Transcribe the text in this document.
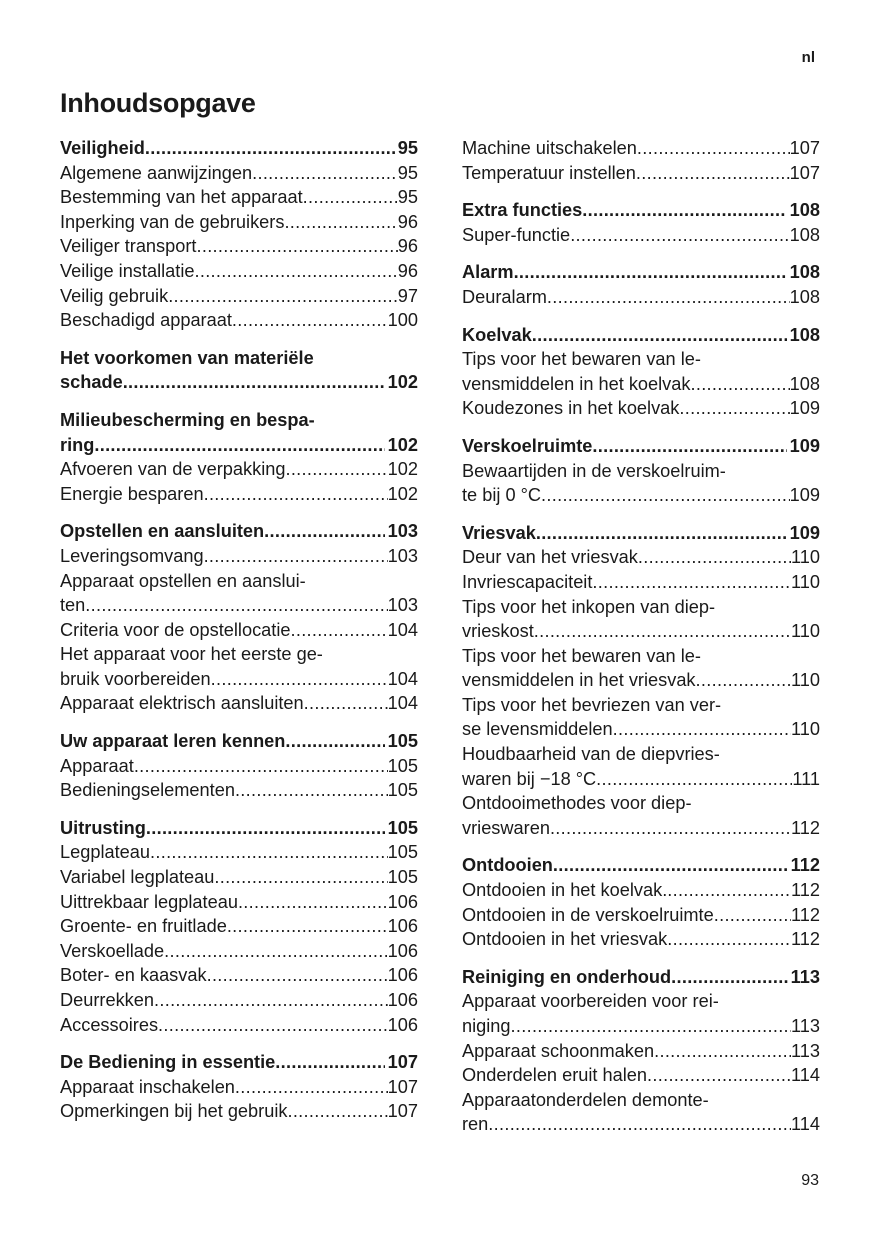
nl
Inhoudsopgave
Veiligheid .....	95
Algemene aanwijzingen .....	95
Bestemming van het apparaat .....	95
Inperking van de gebruikers .....	96
Veiliger transport .....	96
Veilige installatie .....	96
Veilig gebruik .....	97
Beschadigd apparaat .....	100
Het voorkomen van materiële
schade .....	102
Milieubescherming en bespa-
ring .....	102
Afvoeren van de verpakking .....	102
Energie besparen .....	102
Opstellen en aansluiten .....	103
Leveringsomvang .....	103
Apparaat opstellen en aanslui-
ten .....	103
Criteria voor de opstellocatie .....	104
Het apparaat voor het eerste ge-
bruik voorbereiden .....	104
Apparaat elektrisch aansluiten .....	104
Uw apparaat leren kennen .....	105
Apparaat .....	105
Bedieningselementen .....	105
Uitrusting .....	105
Legplateau .....	105
Variabel legplateau .....	105
Uittrekbaar legplateau .....	106
Groente- en fruitlade .....	106
Verskoellade .....	106
Boter- en kaasvak .....	106
Deurrekken .....	106
Accessoires .....	106
De Bediening in essentie .....	107
Apparaat inschakelen .....	107
Opmerkingen bij het gebruik .....	107
Machine uitschakelen .....	107
Temperatuur instellen .....	107
Extra functies .....	108
Super-functie .....	108
Alarm .....	108
Deuralarm .....	108
Koelvak .....	108
Tips voor het bewaren van le-
vensmiddelen in het koelvak .....	108
Koudezones in het koelvak .....	109
Verskoelruimte .....	109
Bewaartijden in de verskoelruim-
te bij 0 °C .....	109
Vriesvak .....	109
Deur van het vriesvak .....	110
Invriescapaciteit .....	110
Tips voor het inkopen van diep-
vrieskost .....	110
Tips voor het bewaren van le-
vensmiddelen in het vriesvak .....	110
Tips voor het bevriezen van ver-
se levensmiddelen .....	110
Houdbaarheid van de diepvries-
waren bij −18 °C .....	111
Ontdooimethodes voor diep-
vrieswaren .....	112
Ontdooien .....	112
Ontdooien in het koelvak. .....	112
Ontdooien in de verskoelruimte .....	112
Ontdooien in het vriesvak .....	112
Reiniging en onderhoud .....	113
Apparaat voorbereiden voor rei-
niging .....	113
Apparaat schoonmaken .....	113
Onderdelen eruit halen .....	114
Apparaatonderdelen demonte-
ren .....	114
93
